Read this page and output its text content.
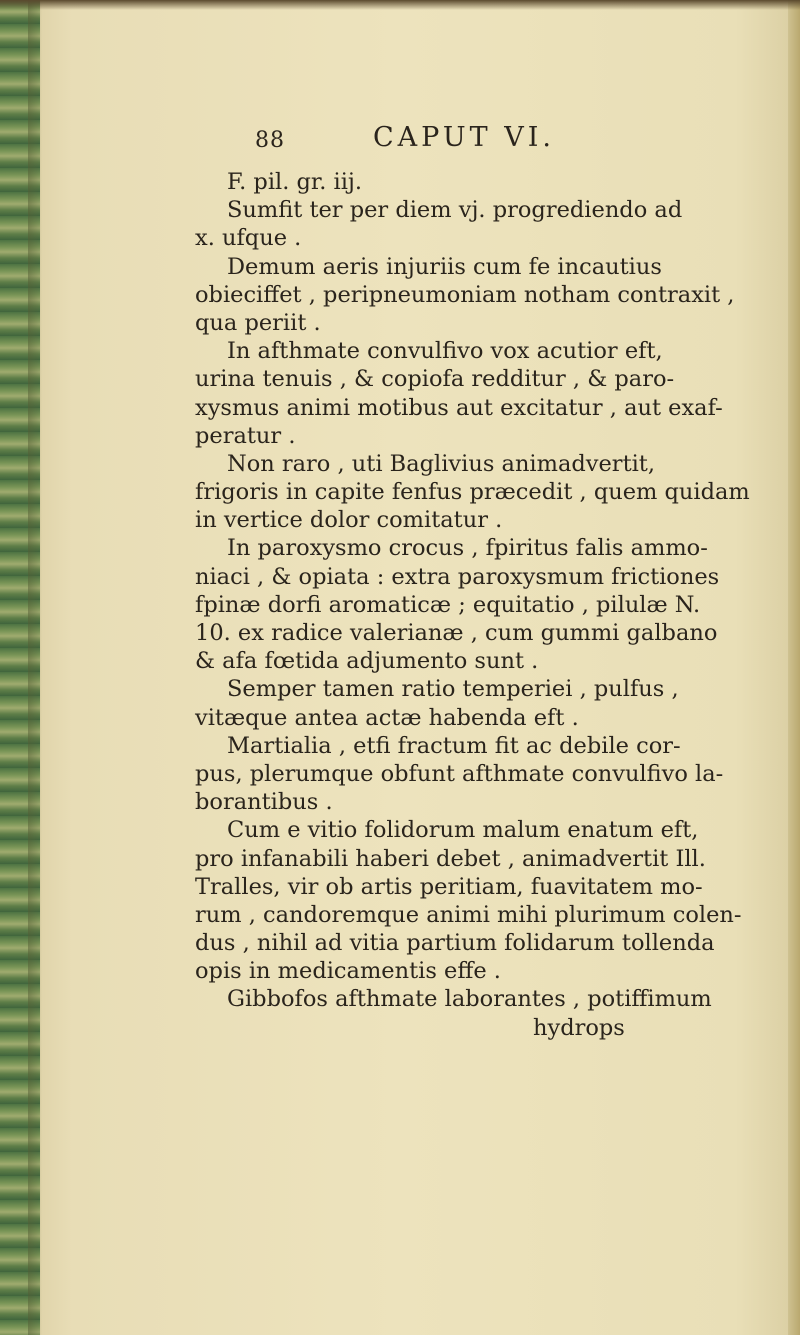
88	CAPUT VI.
F. pil. gr. iij.
Sumfit ter per diem vj. progrediendo ad
x. ufque .
Demum aeris injuriis cum fe incautius
obieciffet , peripneumoniam notham contraxit ,
qua periit .
In afthmate convulfivo vox acutior eft,
urina tenuis , & copiofa redditur , & paro-
xysmus animi motibus aut excitatur , aut exaf-
peratur .
Non raro , uti Baglivius animadvertit,
frigoris in capite fenfus præcedit , quem quidam
in vertice dolor comitatur .
In paroxysmo crocus , fpiritus falis ammo-
niaci , & opiata : extra paroxysmum frictiones
fpinæ dorfi aromaticæ ; equitatio , pilulæ N.
10. ex radice valerianæ , cum gummi galbano
& afa fœtida adjumento sunt .
Semper tamen ratio temperiei , pulfus ,
vitæque antea actæ habenda eft .
Martialia , etfi fractum fit ac debile cor-
pus, plerumque obfunt afthmate convulfivo la-
borantibus .
Cum e vitio folidorum malum enatum eft,
pro infanabili haberi debet , animadvertit Ill.
Tralles, vir ob artis peritiam, fuavitatem mo-
rum , candoremque animi mihi plurimum colen-
dus , nihil ad vitia partium folidarum tollenda
opis in medicamentis effe .
Gibbofos afthmate laborantes , potiffimum
hydrops
